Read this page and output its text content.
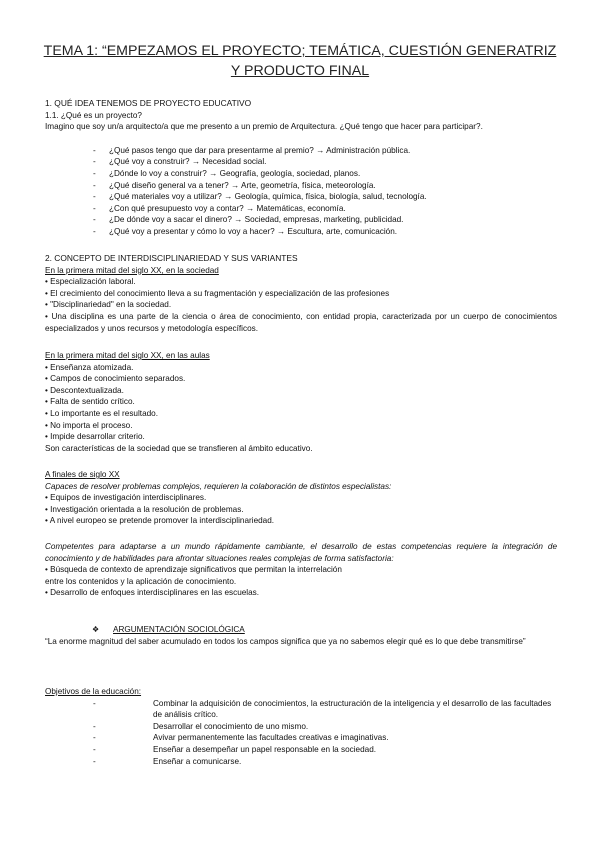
TEMA 1: “EMPEZAMOS EL PROYECTO; TEMÁTICA, CUESTIÓN GENERATRIZ Y PRODUCTO FINAL

1. QUÉ IDEA TENEMOS DE PROYECTO EDUCATIVO

1.1. ¿Qué es un proyecto?

Imagino que soy un/a arquitecto/a que me presento a un premio de Arquitectura. ¿Qué tengo que hacer para participar?.

- ¿Qué pasos tengo que dar para presentarme al premio? → Administración pública.

- ¿Qué voy a construir? → Necesidad social.

- ¿Dónde lo voy a construir? → Geografía, geología, sociedad, planos.

- ¿Qué diseño general va a tener? → Arte, geometría, física, meteorología.

- ¿Qué materiales voy a utilizar? → Geología, química, física, biología, salud, tecnología.

- ¿Con qué presupuesto voy a contar? → Matemáticas, economía.

- ¿De dónde voy a sacar el dinero? → Sociedad, empresas, marketing, publicidad.

- ¿Qué voy a presentar y cómo lo voy a hacer? → Escultura, arte, comunicación.

2. CONCEPTO DE INTERDISCIPLINARIEDAD Y SUS VARIANTES

En la primera mitad del siglo XX, en la sociedad

• Especialización laboral.

• El crecimiento del conocimiento lleva a su fragmentación y especialización de las profesiones

• "Disciplinariedad" en la sociedad.

• Una disciplina es una parte de la ciencia o área de conocimiento, con entidad propia, caracterizada por un cuerpo de conocimientos especializados y unos recursos y metodología específicos.

En la primera mitad del siglo XX, en las aulas

• Enseñanza atomizada.

• Campos de conocimiento separados.

• Descontextualizada.

• Falta de sentido crítico.

• Lo importante es el resultado.

• No importa el proceso.

• Impide desarrollar criterio.

Son características de la sociedad que se transfieren al ámbito educativo.

A finales de siglo XX

Capaces de resolver problemas complejos, requieren la colaboración de distintos especialistas:

• Equipos de investigación interdisciplinares.

• Investigación orientada a la resolución de problemas.

• A nivel europeo se pretende promover la interdisciplinariedad.

Competentes para adaptarse a un mundo rápidamente cambiante, el desarrollo de estas competencias requiere la integración de conocimiento y de habilidades para afrontar situaciones reales complejas de forma satisfactoria:

• Búsqueda de contexto de aprendizaje significativos que permitan la interrelación

entre los contenidos y la aplicación de conocimiento.

• Desarrollo de enfoques interdisciplinares en las escuelas.

❖ ARGUMENTACIÓN SOCIOLÓGICA

“La enorme magnitud del saber acumulado en todos los campos significa que ya no sabemos elegir qué es lo que debe transmitirse”

Objetivos de la educación:

- Combinar la adquisición de conocimientos, la estructuración de la inteligencia y el desarrollo de las facultades de análisis crítico.

- Desarrollar el conocimiento de uno mismo.

- Avivar permanentemente las facultades creativas e imaginativas.

- Enseñar a desempeñar un papel responsable en la sociedad.

- Enseñar a comunicarse.
